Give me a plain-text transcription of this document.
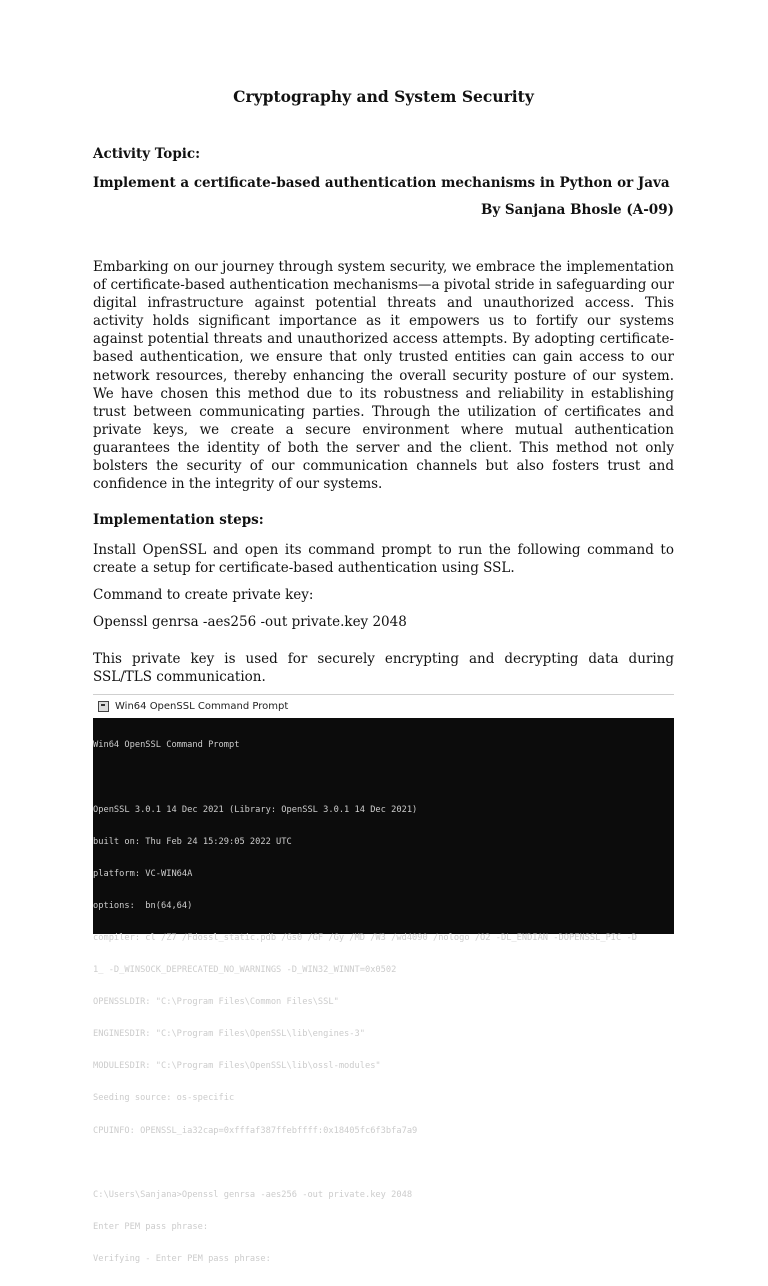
Cryptography and System Security

Activity Topic:

Implement a certificate-based authentication mechanisms in Python or Java

By Sanjana Bhosle (A-09)

Embarking on our journey through system security, we embrace the implementation of certificate-based authentication mechanisms—a pivotal stride in safeguarding our digital infrastructure against potential threats and unauthorized access. This activity holds significant importance as it empowers us to fortify our systems against potential threats and unauthorized access attempts. By adopting certificate-based authentication, we ensure that only trusted entities can gain access to our network resources, thereby enhancing the overall security posture of our system. We have chosen this method due to its robustness and reliability in establishing trust between communicating parties. Through the utilization of certificates and private keys, we create a secure environment where mutual authentication guarantees the identity of both the server and the client. This method not only bolsters the security of our communication channels but also fosters trust and confidence in the integrity of our systems.

Implementation steps:

Install OpenSSL and open its command prompt to run the following command to create a setup for certificate-based authentication using SSL.

Command to create private key:

Openssl genrsa -aes256 -out private.key 2048

This private key is used for securely encrypting and decrypting data during SSL/TLS communication.

Win64 OpenSSL Command Prompt

Win64 OpenSSL Command Prompt

OpenSSL 3.0.1 14 Dec 2021 (Library: OpenSSL 3.0.1 14 Dec 2021)

built on: Thu Feb 24 15:29:05 2022 UTC

platform: VC-WIN64A

options:  bn(64,64)

compiler: cl /Z7 /Fdossl_static.pdb /Gs0 /GF /Gy /MD /W3 /wd4090 /nologo /O2 -DL_ENDIAN -DOPENSSL_PIC -D

1_ -D_WINSOCK_DEPRECATED_NO_WARNINGS -D_WIN32_WINNT=0x0502

OPENSSLDIR: "C:\Program Files\Common Files\SSL"

ENGINESDIR: "C:\Program Files\OpenSSL\lib\engines-3"

MODULESDIR: "C:\Program Files\OpenSSL\lib\ossl-modules"

Seeding source: os-specific

CPUINFO: OPENSSL_ia32cap=0xfffaf387ffebffff:0x18405fc6f3bfa7a9

C:\Users\Sanjana>Openssl genrsa -aes256 -out private.key 2048

Enter PEM pass phrase:

Verifying - Enter PEM pass phrase:
